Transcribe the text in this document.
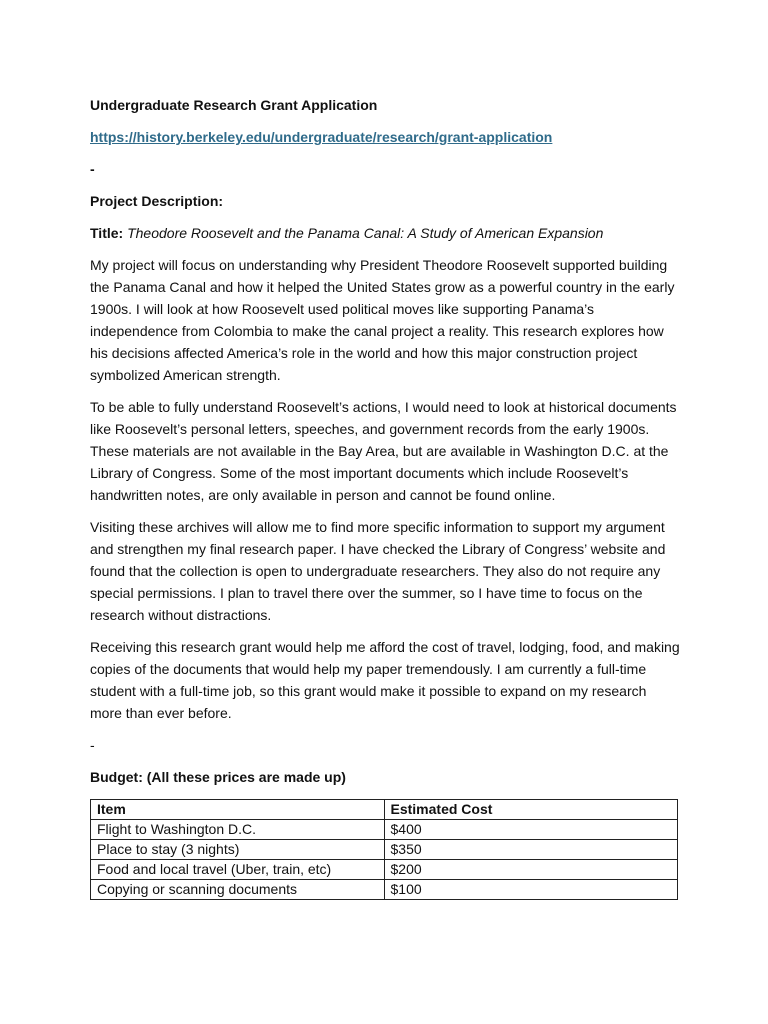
Undergraduate Research Grant Application

https://history.berkeley.edu/undergraduate/research/grant-application

-

Project Description:

Title: Theodore Roosevelt and the Panama Canal: A Study of American Expansion

My project will focus on understanding why President Theodore Roosevelt supported building the Panama Canal and how it helped the United States grow as a powerful country in the early 1900s. I will look at how Roosevelt used political moves like supporting Panama’s independence from Colombia to make the canal project a reality. This research explores how his decisions affected America’s role in the world and how this major construction project symbolized American strength.

To be able to fully understand Roosevelt’s actions, I would need to look at historical documents like Roosevelt’s personal letters, speeches, and government records from the early 1900s. These materials are not available in the Bay Area, but are available in Washington D.C. at the Library of Congress. Some of the most important documents which include Roosevelt’s handwritten notes, are only available in person and cannot be found online.

Visiting these archives will allow me to find more specific information to support my argument and strengthen my final research paper. I have checked the Library of Congress’ website and found that the collection is open to undergraduate researchers. They also do not require any special permissions. I plan to travel there over the summer, so I have time to focus on the research without distractions.

Receiving this research grant would help me afford the cost of travel, lodging, food, and making copies of the documents that would help my paper tremendously. I am currently a full-time student with a full-time job, so this grant would make it possible to expand on my research more than ever before.

-

Budget: (All these prices are made up)

Item	Estimated Cost
Flight to Washington D.C.	$400
Place to stay (3 nights)	$350
Food and local travel (Uber, train, etc)	$200
Copying or scanning documents	$100
